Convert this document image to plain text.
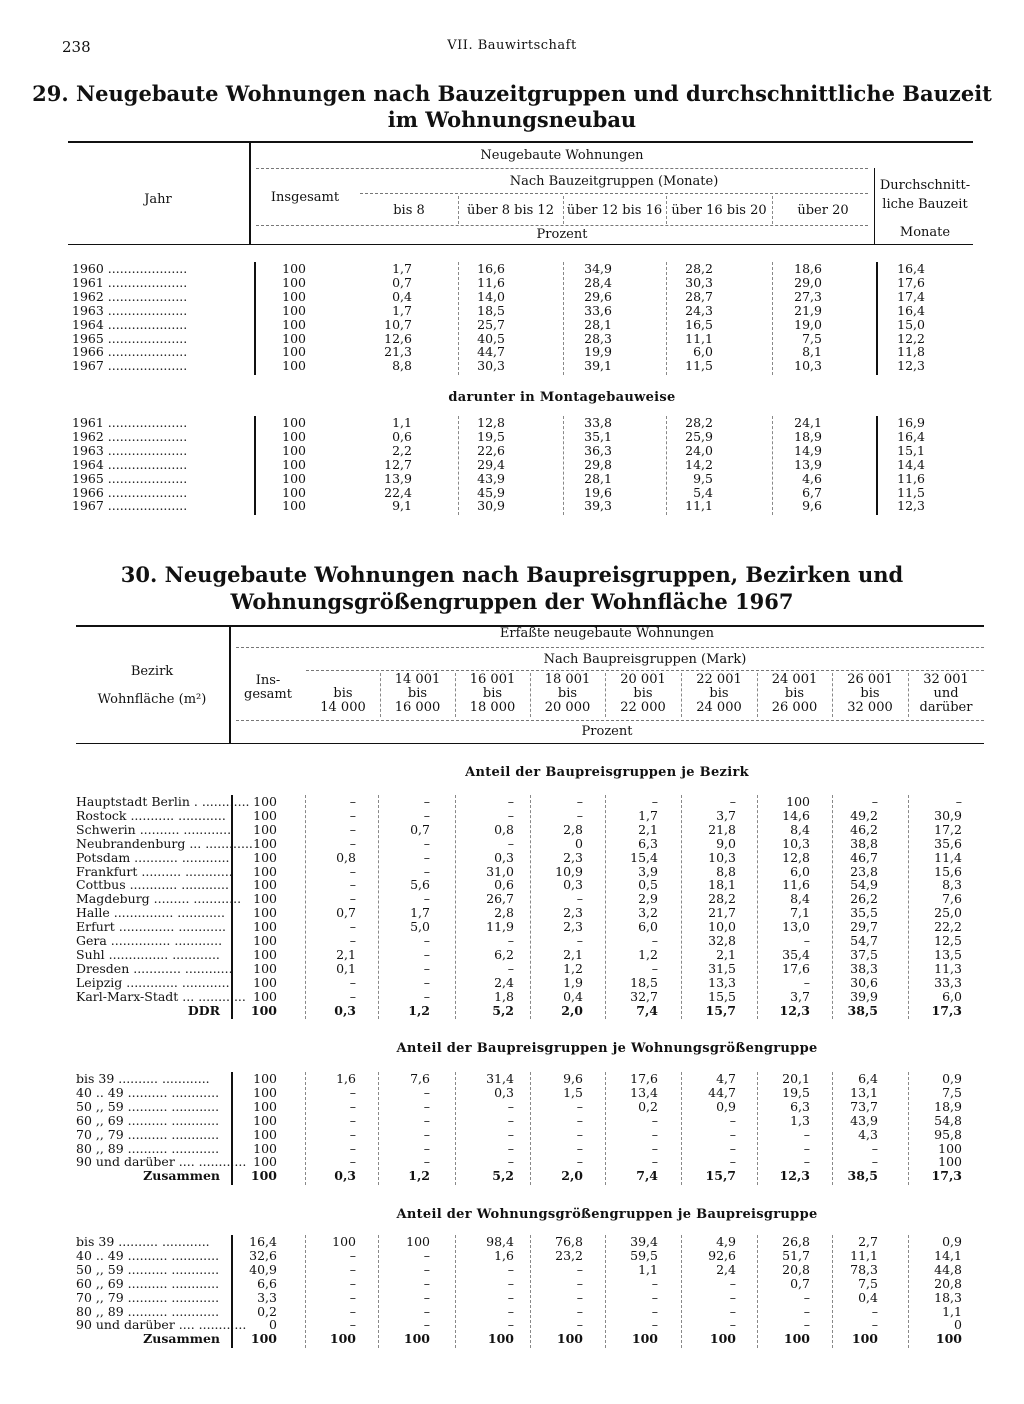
238	VII. Bauwirtschaft
29. Neugebaute Wohnungen nach Bauzeitgruppen und durchschnittliche Bauzeit
im Wohnungsneubau
Jahr
Neugebaute Wohnungen
Nach Bauzeitgruppen (Monate)
Insgesamt
bis 8	über 8 bis 12 über 12 bis 16 über 16 bis 20	über 20
Durchschnitt-
liche Bauzeit
Prozent	Monate
1960 ....................	100	1,7	16,6	34,9	28,2	18,6	16,4
1961 ....................	100	0,7	11,6	28,4	30,3	29,0	17,6
1962 ....................	100	0,4	14,0	29,6	28,7	27,3	17,4
1963 ....................	100	1,7	18,5	33,6	24,3	21,9	16,4
1964 ....................	100	10,7	25,7	28,1	16,5	19,0	15,0
1965 ....................	100	12,6	40,5	28,3	11,1	7,5	12,2
1966 ....................	100	21,3	44,7	19,9	6,0	8,1	11,8
1967 ....................	100	8,8	30,3	39,1	11,5	10,3	12,3
darunter in Montagebauweise
1961 ....................	100	1,1	12,8	33,8	28,2	24,1	16,9
1962 ....................	100	0,6	19,5	35,1	25,9	18,9	16,4
1963 ....................	100	2,2	22,6	36,3	24,0	14,9	15,1
1964 ....................	100	12,7	29,4	29,8	14,2	13,9	14,4
1965 ....................	100	13,9	43,9	28,1	9,5	4,6	11,6
1966 ....................	100	22,4	45,9	19,6	5,4	6,7	11,5
1967 ....................	100	9,1	30,9	39,3	11,1	9,6	12,3
30. Neugebaute Wohnungen nach Baupreisgruppen, Bezirken und
Wohnungsgrößengruppen der Wohnfläche 1967
Bezirk
Wohnfläche (m²)
Erfaßte neugebaute Wohnungen
Nach Baupreisgruppen (Mark)
Ins-
gesamt	bis
14 000
14 001
bis
16 000
16 001
bis
18 000
18 001
bis
20 000
20 001
bis
22 000
22 001
bis
24 000
24 001
bis
26 000
26 001
bis
32 000
32 001
und
darüber
Prozent
Anteil der Baupreisgruppen je Bezirk
Hauptstadt Berlin . ............ 100	–	–	–	–	–	–	100	–	–
Rostock ........... ............	100	–	–	–	–	1,7	3,7	14,6	49,2	30,9
Schwerin .......... ............	100	–	0,7	0,8	2,8	2,1	21,8	8,4	46,2	17,2
Neubrandenburg ... ............ 100	–	–	–	0	6,3	9,0	10,3	38,8	35,6
Potsdam ........... ............	100	0,8	–	0,3	2,3	15,4	10,3	12,8	46,7	11,4
Frankfurt .......... ............	100	–	–	31,0	10,9	3,9	8,8	6,0	23,8	15,6
Cottbus ............ ............	100	–	5,6	0,6	0,3	0,5	18,1	11,6	54,9	8,3
Magdeburg ......... ............ 100	–	–	26,7	–	2,9	28,2	8,4	26,2	7,6
Halle ............... ............	100	0,7	1,7	2,8	2,3	3,2	21,7	7,1	35,5	25,0
Erfurt .............. ............	100	–	5,0	11,9	2,3	6,0	10,0	13,0	29,7	22,2
Gera ............... ............	100	–	–	–	–	–	32,8	–	54,7	12,5
Suhl ............... ............	100	2,1	–	6,2	2,1	1,2	2,1	35,4	37,5	13,5
Dresden ............ ............	100	0,1	–	–	1,2	–	31,5	17,6	38,3	11,3
Leipzig ............. ............	100	–	–	2,4	1,9	18,5	13,3	–	30,6	33,3
Karl-Marx-Stadt ... ............ 100	–	–	1,8	0,4	32,7	15,5	3,7	39,9	6,0
DDR	100	0,3	1,2	5,2	2,0	7,4	15,7	12,3	38,5	17,3
Anteil der Baupreisgruppen je Wohnungsgrößengruppe
bis 39 .......... ............	100	1,6	7,6	31,4	9,6	17,6	4,7	20,1	6,4	0,9
40 .. 49 .......... ............	100	–	–	0,3	1,5	13,4	44,7	19,5	13,1	7,5
50 ,, 59 .......... ............	100	–	–	–	–	0,2	0,9	6,3	73,7	18,9
60 ,, 69 .......... ............	100	–	–	–	–	–	–	1,3	43,9	54,8
70 ,, 79 .......... ............	100	–	–	–	–	–	–	–	4,3	95,8
80 ,, 89 .......... ............	100	–	–	–	–	–	–	–	–	100
90 und darüber .... ............ 100	–	–	–	–	–	–	–	–	100
Zusammen	100	0,3	1,2	5,2	2,0	7,4	15,7	12,3	38,5	17,3
Anteil der Wohnungsgrößengruppen je Baupreisgruppe
bis 39 .......... ............	16,4	100	100	98,4	76,8	39,4	4,9	26,8	2,7	0,9
40 .. 49 .......... ............	32,6	–	–	1,6	23,2	59,5	92,6	51,7	11,1	14,1
50 ,, 59 .......... ............	40,9	–	–	–	–	1,1	2,4	20,8	78,3	44,8
60 ,, 69 .......... ............	6,6	–	–	–	–	–	–	0,7	7,5	20,8
70 ,, 79 .......... ............	3,3	–	–	–	–	–	–	–	0,4	18,3
80 ,, 89 .......... ............	0,2	–	–	–	–	–	–	–	–	1,1
90 und darüber .... ............	0	–	–	–	–	–	–	–	–	0
Zusammen	100	100	100	100	100	100	100	100	100	100
